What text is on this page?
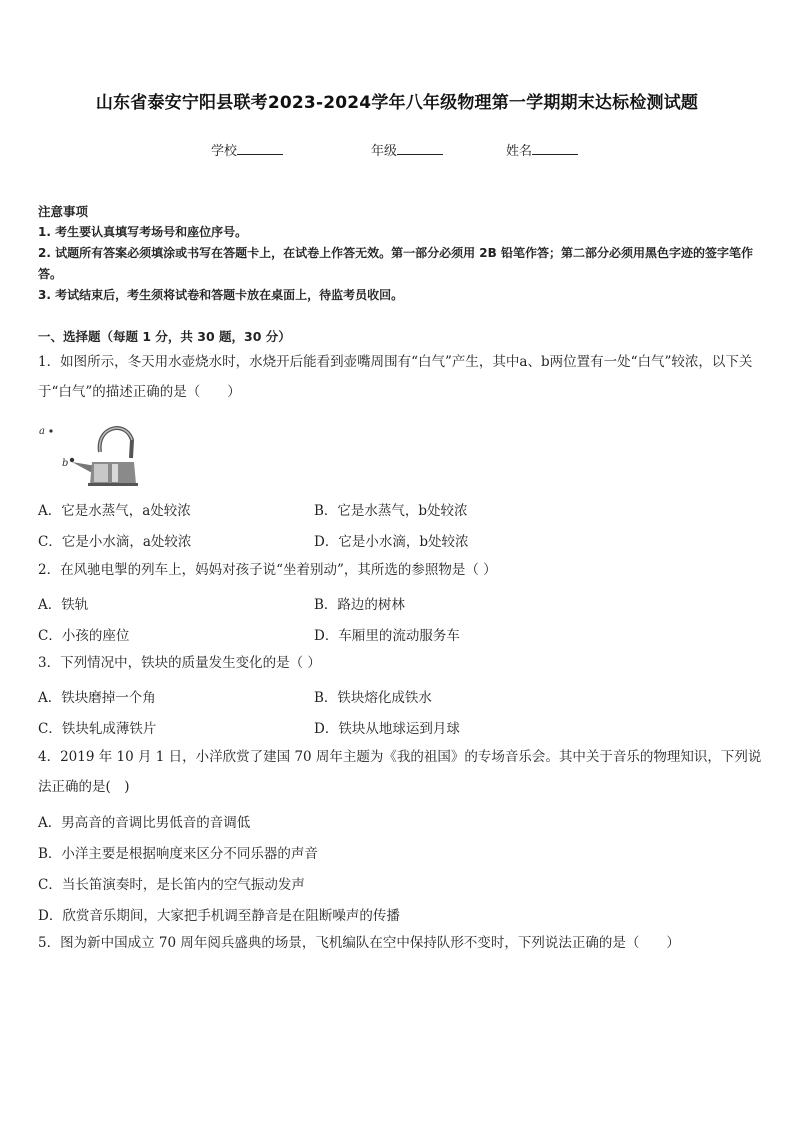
山东省泰安宁阳县联考2023-2024学年八年级物理第一学期期末达标检测试题
学校	年级	姓名
注意事项
1. 考生要认真填写考场号和座位序号。
2. 试题所有答案必须填涂或书写在答题卡上，在试卷上作答无效。第一部分必须用 2B 铅笔作答；第二部分必须用黑色字迹的签字笔作答。
3. 考试结束后，考生须将试卷和答题卡放在桌面上，待监考员收回。
一、选择题（每题 1 分，共 30 题，30 分）
1．如图所示，冬天用水壶烧水时，水烧开后能看到壶嘴周围有“白气”产生，其中a、b两位置有一处“白气”较浓，以下关于“白气”的描述正确的是（　　）
a
b
A．它是水蒸气，a处较浓	B．它是水蒸气，b处较浓
C．它是小水滴，a处较浓	D．它是小水滴，b处较浓
2．在风驰电掣的列车上，妈妈对孩子说“坐着别动”，其所选的参照物是（ ）
A．铁轨	B．路边的树林
C．小孩的座位	D．车厢里的流动服务车
3．下列情况中，铁块的质量发生变化的是（ ）
A．铁块磨掉一个角	B．铁块熔化成铁水
C．铁块轧成薄铁片	D．铁块从地球运到月球
4．2019 年 10 月 1 日，小洋欣赏了建国 70 周年主题为《我的祖国》的专场音乐会。其中关于音乐的物理知识，下列说法正确的是(　)
A．男高音的音调比男低音的音调低
B．小洋主要是根据响度来区分不同乐器的声音
C．当长笛演奏时，是长笛内的空气振动发声
D．欣赏音乐期间，大家把手机调至静音是在阻断噪声的传播
5．图为新中国成立 70 周年阅兵盛典的场景，飞机编队在空中保持队形不变时，下列说法正确的是（　　）
